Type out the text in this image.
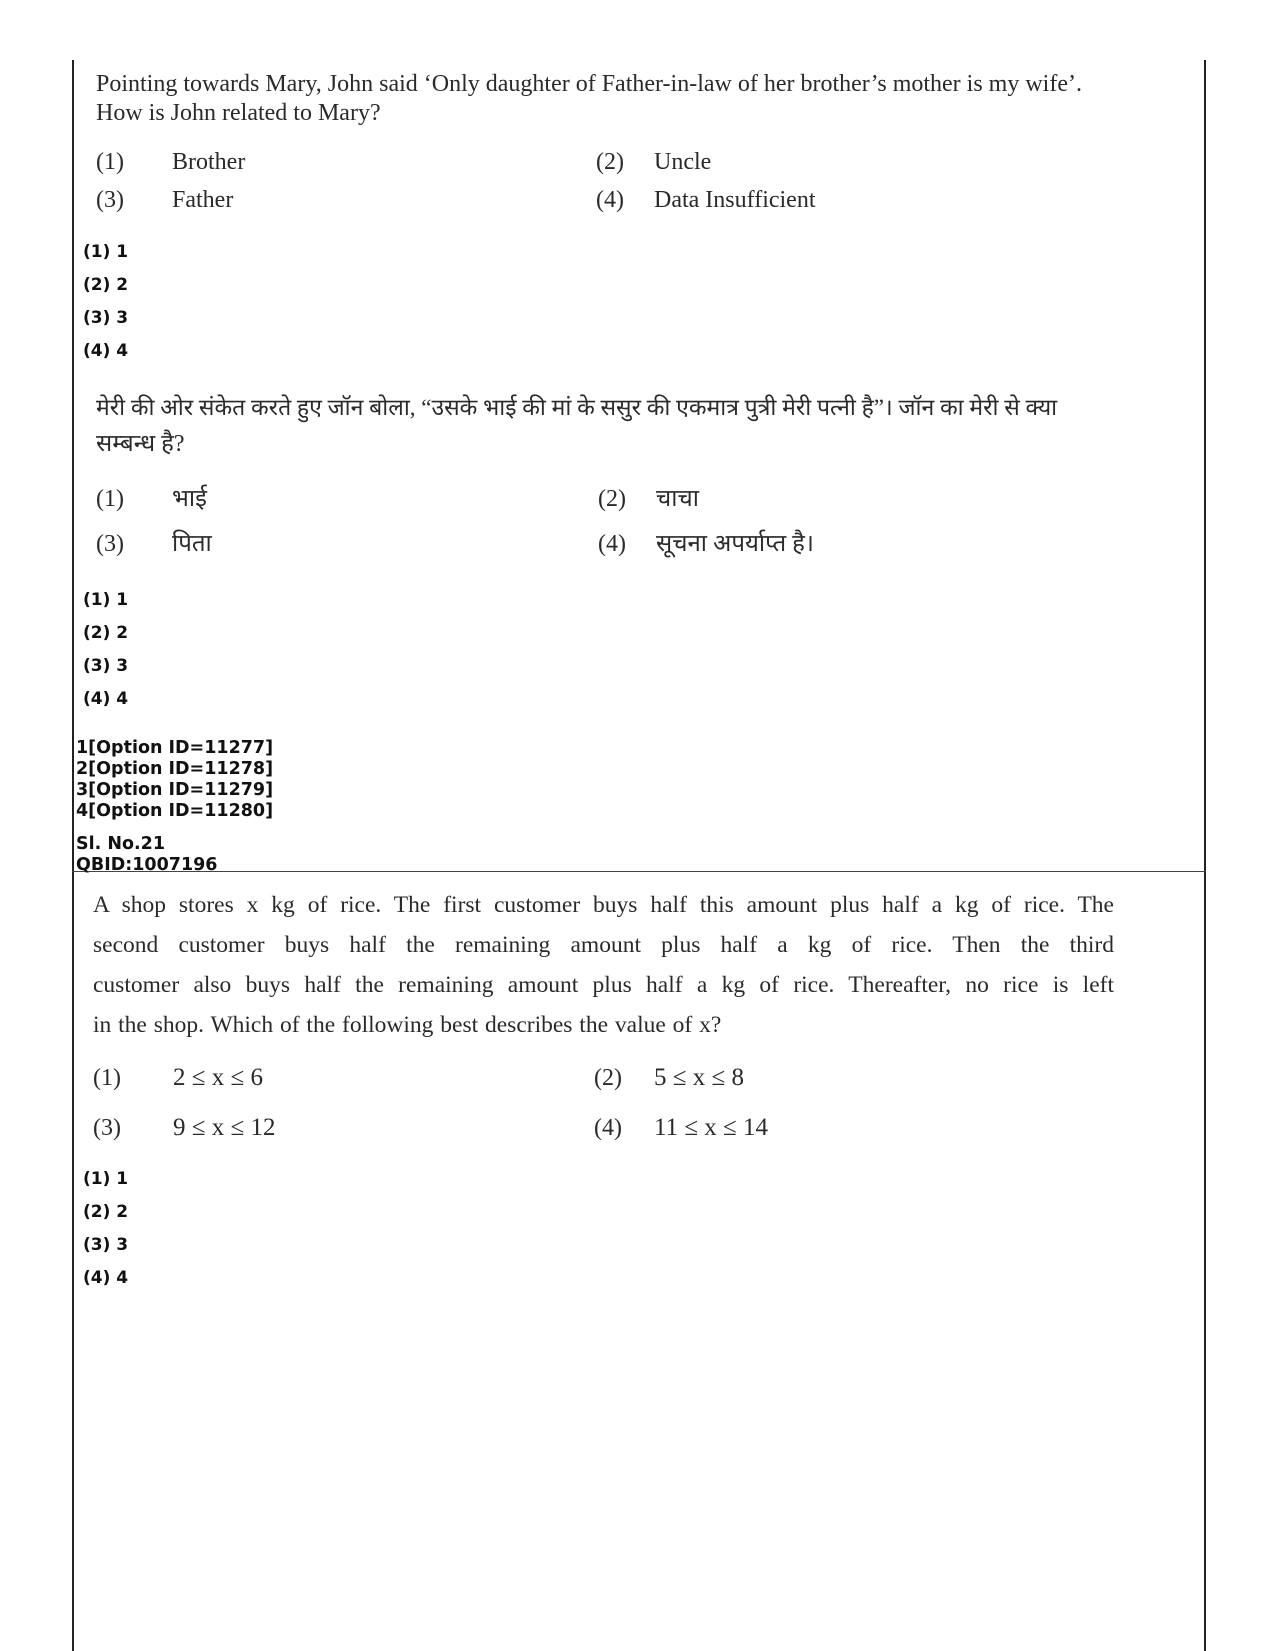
Pointing towards Mary, John said ‘Only daughter of Father-in-law of her brother’s mother is my wife’. How is John related to Mary?
(1) Brother	(2) Uncle
(3) Father	(4) Data Insufficient
(1) 1
(2) 2
(3) 3
(4) 4
मेरी की ओर संकेत करते हुए जॉन बोला, “उसके भाई की मां के ससुर की एकमात्र पुत्री मेरी पत्नी है”। जॉन का मेरी से क्या
सम्बन्ध है?
(1) भाई	(2) चाचा
(3) पिता	(4) सूचना अपर्याप्त है।
(1) 1
(2) 2
(3) 3
(4) 4
1[Option ID=11277]
2[Option ID=11278]
3[Option ID=11279]
4[Option ID=11280]
Sl. No.21
QBID:1007196
A shop stores x kg of rice. The first customer buys half this amount plus half a kg of rice. The
second customer buys half the remaining amount plus half a kg of rice. Then the third
customer also buys half the remaining amount plus half a kg of rice. Thereafter, no rice is left
in the shop. Which of the following best describes the value of x?
(1) 2 ≤ x ≤ 6	(2) 5 ≤ x ≤ 8
(3) 9 ≤ x ≤ 12	(4) 11 ≤ x ≤ 14
(1) 1
(2) 2
(3) 3
(4) 4
